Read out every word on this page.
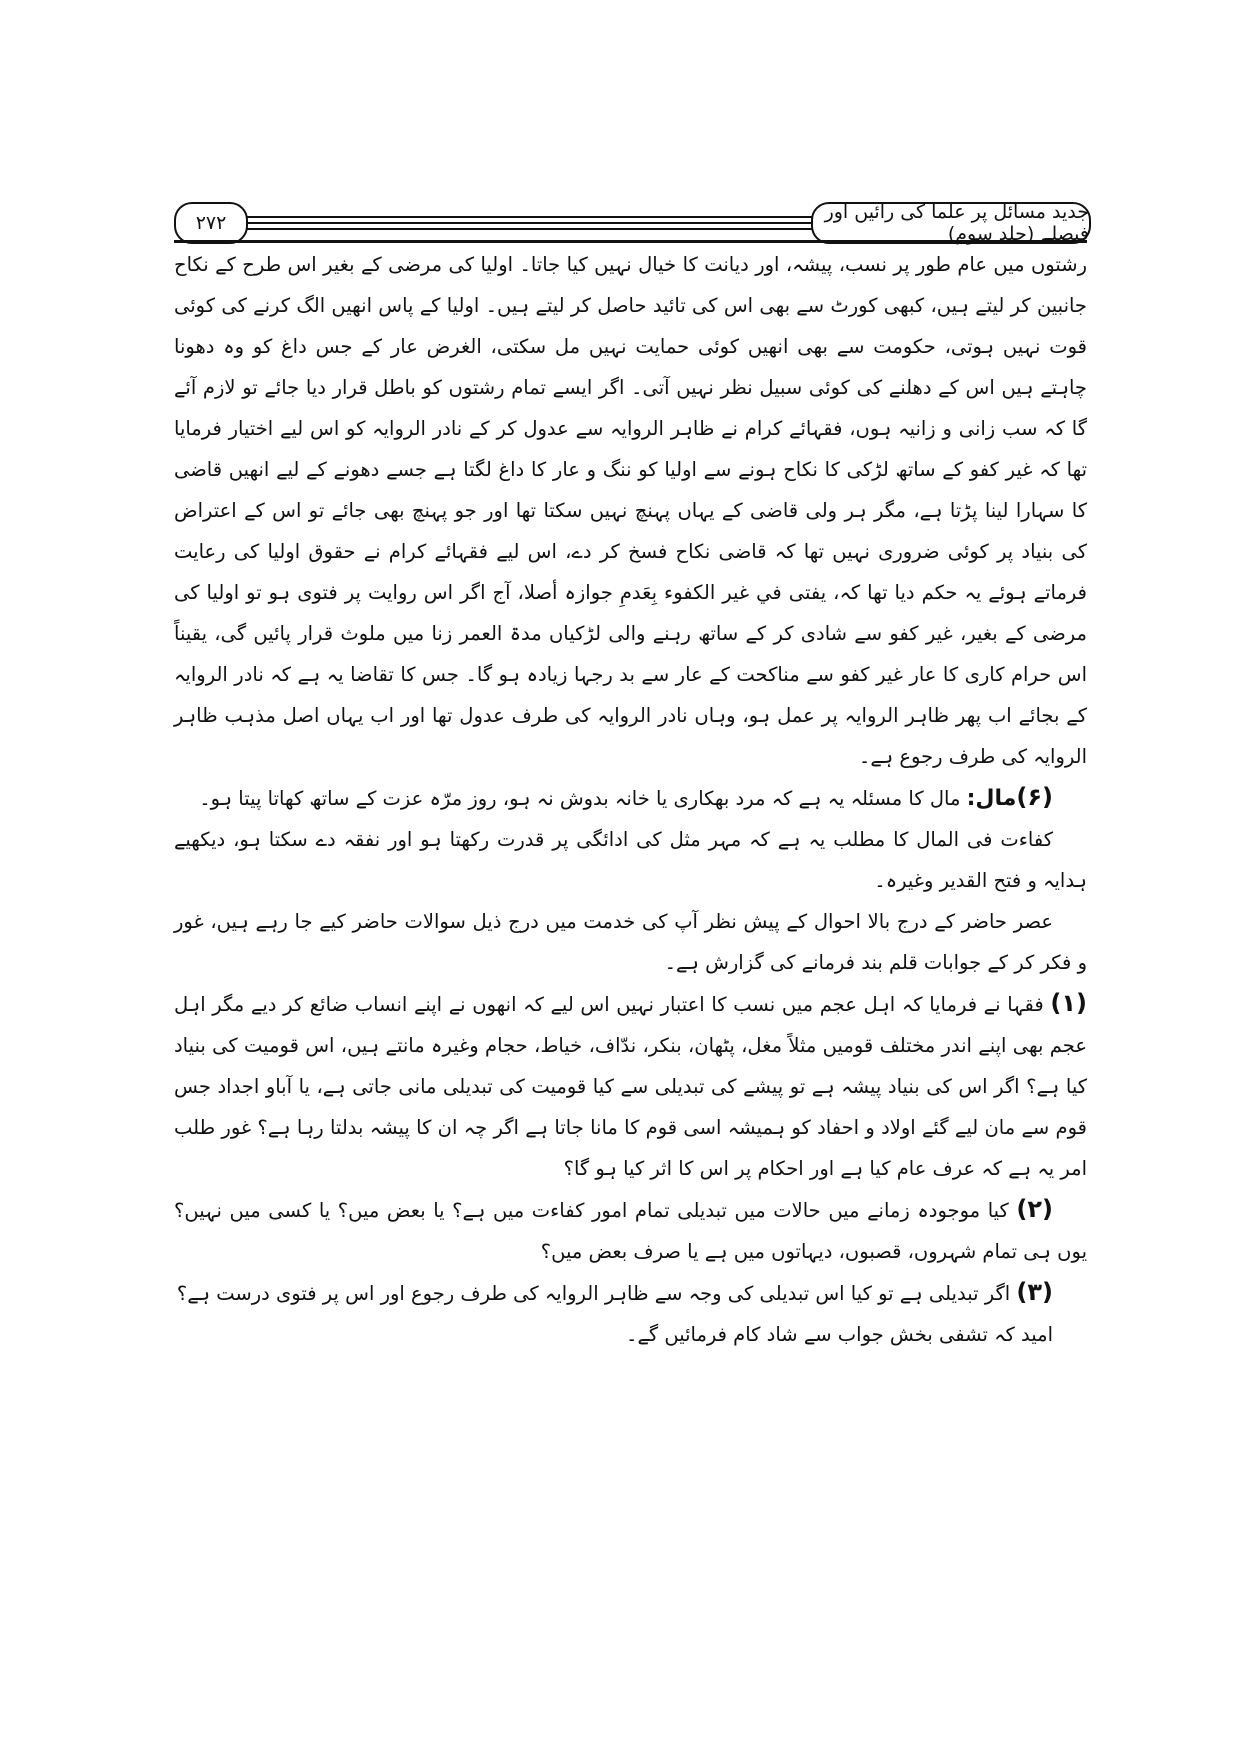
جدید مسائل پر علما کی رائیں اور فیصلے (جلد سوم)
۲۷۲

رشتوں میں عام طور پر نسب، پیشہ، اور دیانت کا خیال نہیں کیا جاتا۔ اولیا کی مرضی کے بغیر اس طرح کے نکاح جانبین کر لیتے ہیں، کبھی کورٹ سے بھی اس کی تائید حاصل کر لیتے ہیں۔ اولیا کے پاس انھیں الگ کرنے کی کوئی قوت نہیں ہوتی، حکومت سے بھی انھیں کوئی حمایت نہیں مل سکتی، الغرض عار کے جس داغ کو وہ دھونا چاہتے ہیں اس کے دھلنے کی کوئی سبیل نظر نہیں آتی۔ اگر ایسے تمام رشتوں کو باطل قرار دیا جائے تو لازم آئے گا کہ سب زانی و زانیہ ہوں، فقہائے کرام نے ظاہر الروایہ سے عدول کر کے نادر الروایہ کو اس لیے اختیار فرمایا تھا کہ غیر کفو کے ساتھ لڑکی کا نکاح ہونے سے اولیا کو ننگ و عار کا داغ لگتا ہے جسے دھونے کے لیے انھیں قاضی کا سہارا لینا پڑتا ہے، مگر ہر ولی قاضی کے یہاں پہنچ نہیں سکتا تھا اور جو پہنچ بھی جائے تو اس کے اعتراض کی بنیاد پر کوئی ضروری نہیں تھا کہ قاضی نکاح فسخ کر دے، اس لیے فقہائے کرام نے حقوق اولیا کی رعایت فرماتے ہوئے یہ حکم دیا تھا کہ، یفتی في غیر الکفوء بِعَدمِ جوازہ أصلا، آج اگر اس روایت پر فتوی ہو تو اولیا کی مرضی کے بغیر، غیر کفو سے شادی کر کے ساتھ رہنے والی لڑکیاں مدۃ العمر زنا میں ملوث قرار پائیں گی، یقیناً اس حرام کاری کا عار غیر کفو سے مناکحت کے عار سے بد رجہا زیادہ ہو گا۔ جس کا تقاضا یہ ہے کہ نادر الروایہ کے بجائے اب پھر ظاہر الروایہ پر عمل ہو، وہاں نادر الروایہ کی طرف عدول تھا اور اب یہاں اصل مذہب ظاہر الروایہ کی طرف رجوع ہے۔

(۶)مال: مال کا مسئلہ یہ ہے کہ مرد بھکاری یا خانہ بدوش نہ ہو، روز مرّہ عزت کے ساتھ کھاتا پیتا ہو۔

کفاءت فی المال کا مطلب یہ ہے کہ مہر مثل کی ادائگی پر قدرت رکھتا ہو اور نفقہ دے سکتا ہو، دیکھیے ہدایہ و فتح القدیر وغیرہ۔

عصر حاضر کے درج بالا احوال کے پیش نظر آپ کی خدمت میں درج ذیل سوالات حاضر کیے جا رہے ہیں، غور و فکر کر کے جوابات قلم بند فرمانے کی گزارش ہے۔

(۱) فقہا نے فرمایا کہ اہل عجم میں نسب کا اعتبار نہیں اس لیے کہ انھوں نے اپنے انساب ضائع کر دیے مگر اہل عجم بھی اپنے اندر مختلف قومیں مثلاً مغل، پٹھان، بنکر، ندّاف، خیاط، حجام وغیرہ مانتے ہیں، اس قومیت کی بنیاد کیا ہے؟ اگر اس کی بنیاد پیشہ ہے تو پیشے کی تبدیلی سے کیا قومیت کی تبدیلی مانی جاتی ہے، یا آباو اجداد جس قوم سے مان لیے گئے اولاد و احفاد کو ہمیشہ اسی قوم کا مانا جاتا ہے اگر چہ ان کا پیشہ بدلتا رہا ہے؟ غور طلب امر یہ ہے کہ عرف عام کیا ہے اور احکام پر اس کا اثر کیا ہو گا؟

(۲) کیا موجودہ زمانے میں حالات میں تبدیلی تمام امور کفاءت میں ہے؟ یا بعض میں؟ یا کسی میں نہیں؟ یوں ہی تمام شہروں، قصبوں، دیہاتوں میں ہے یا صرف بعض میں؟

(۳) اگر تبدیلی ہے تو کیا اس تبدیلی کی وجہ سے ظاہر الروایہ کی طرف رجوع اور اس پر فتوی درست ہے؟

امید کہ تشفی بخش جواب سے شاد کام فرمائیں گے۔
